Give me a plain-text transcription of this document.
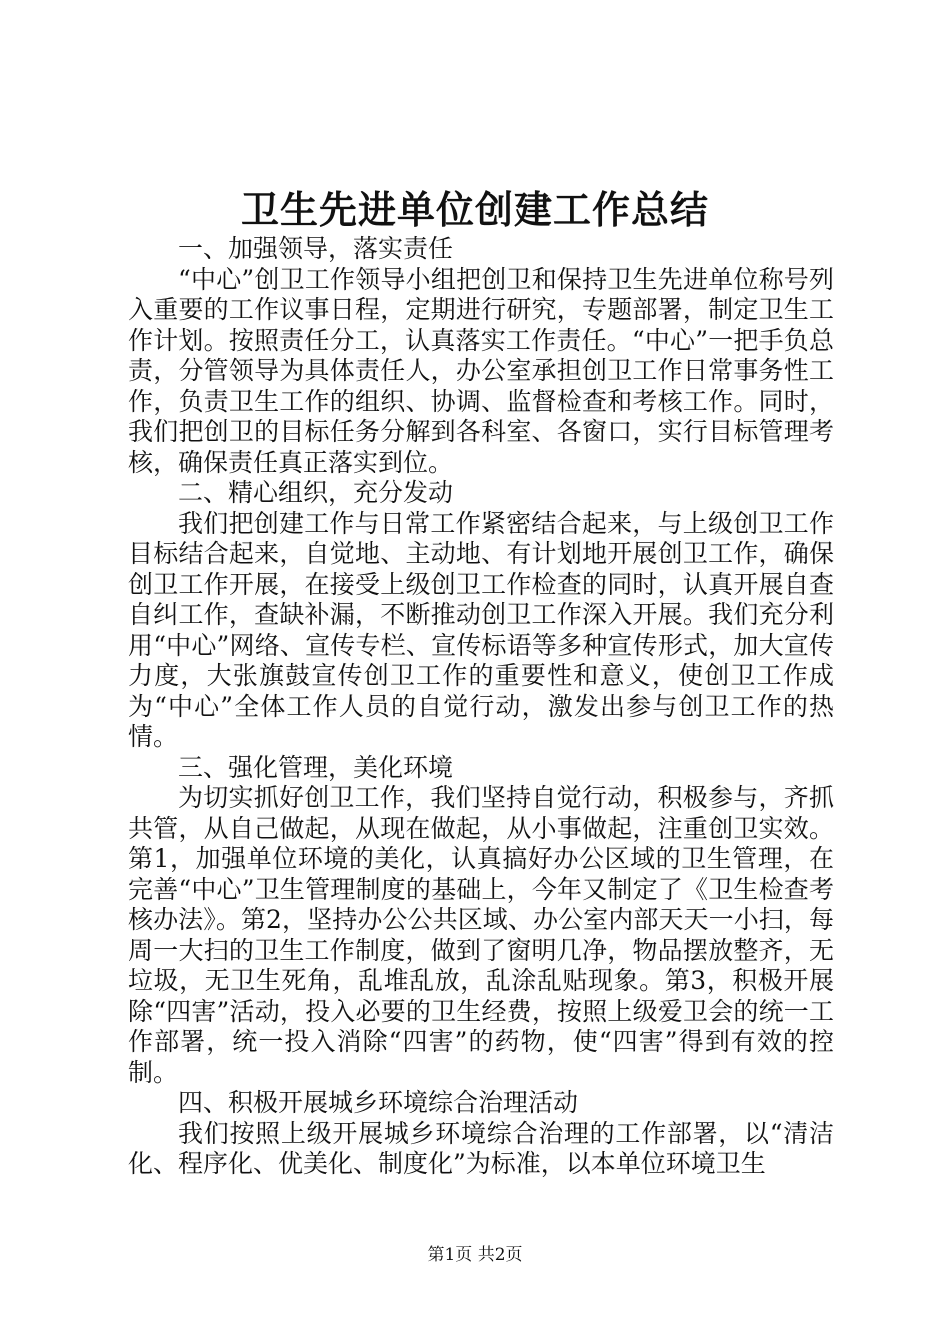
卫生先进单位创建工作总结

一、加强领导，落实责任

“中心”创卫工作领导小组把创卫和保持卫生先进单位称号列入重要的工作议事日程，定期进行研究，专题部署，制定卫生工作计划。按照责任分工，认真落实工作责任。“中心”一把手负总责，分管领导为具体责任人，办公室承担创卫工作日常事务性工作，负责卫生工作的组织、协调、监督检查和考核工作。同时，我们把创卫的目标任务分解到各科室、各窗口，实行目标管理考核，确保责任真正落实到位。

二、精心组织，充分发动

我们把创建工作与日常工作紧密结合起来，与上级创卫工作目标结合起来，自觉地、主动地、有计划地开展创卫工作，确保创卫工作开展，在接受上级创卫工作检查的同时，认真开展自查自纠工作，查缺补漏，不断推动创卫工作深入开展。我们充分利用“中心”网络、宣传专栏、宣传标语等多种宣传形式，加大宣传力度，大张旗鼓宣传创卫工作的重要性和意义，使创卫工作成为“中心”全体工作人员的自觉行动，激发出参与创卫工作的热情。

三、强化管理，美化环境

为切实抓好创卫工作，我们坚持自觉行动，积极参与，齐抓共管，从自己做起，从现在做起，从小事做起，注重创卫实效。第1，加强单位环境的美化，认真搞好办公区域的卫生管理，在完善“中心”卫生管理制度的基础上，今年又制定了《卫生检查考核办法》。第2，坚持办公公共区域、办公室内部天天一小扫，每周一大扫的卫生工作制度，做到了窗明几净，物品摆放整齐，无垃圾，无卫生死角，乱堆乱放，乱涂乱贴现象。第3，积极开展除“四害”活动，投入必要的卫生经费，按照上级爱卫会的统一工作部署，统一投入消除“四害”的药物，使“四害”得到有效的控制。

四、积极开展城乡环境综合治理活动

我们按照上级开展城乡环境综合治理的工作部署，以“清洁化、程序化、优美化、制度化”为标准，以本单位环境卫生

第1页 共2页
